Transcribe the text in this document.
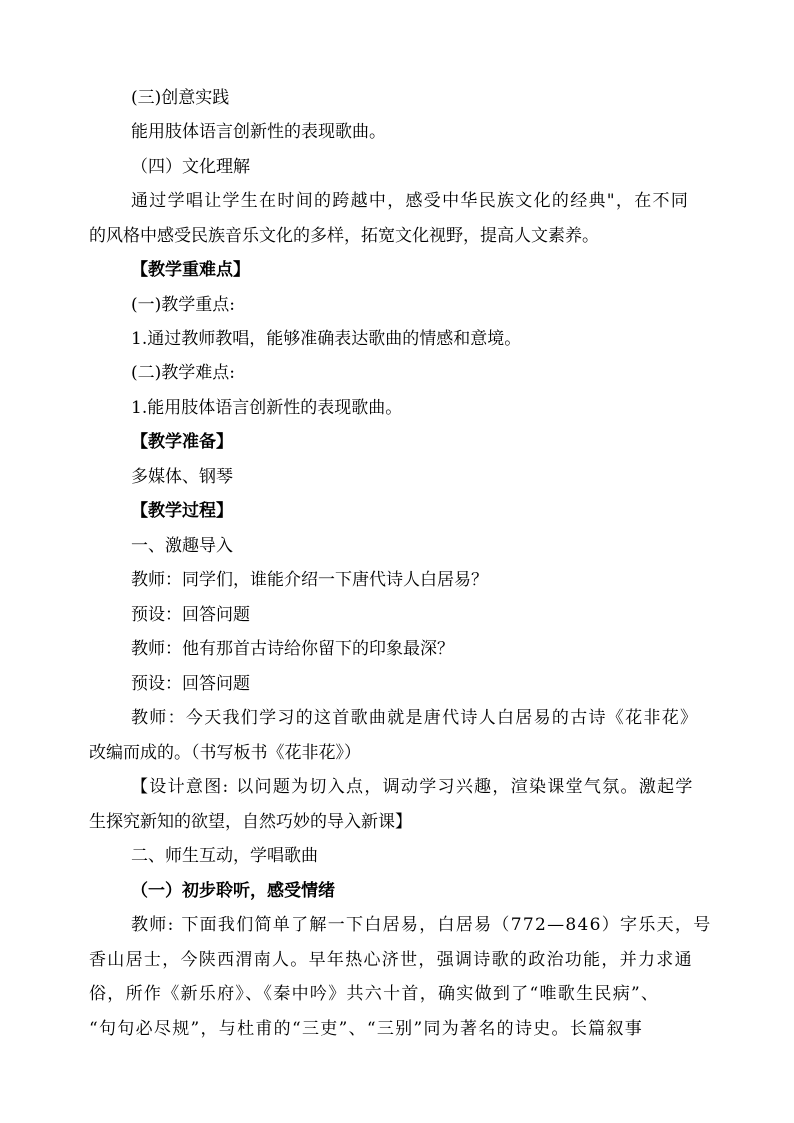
(三)创意实践
能用肢体语言创新性的表现歌曲。
（四）文化理解
通过学唱让学生在时间的跨越中，感受中华民族文化的经典"，在不同
的风格中感受民族音乐文化的多样，拓宽文化视野，提高人文素养。
【教学重难点】
(一)教学重点:
1.通过教师教唱，能够准确表达歌曲的情感和意境。
(二)教学难点:
1.能用肢体语言创新性的表现歌曲。
【教学准备】
多媒体、钢琴
【教学过程】
一、激趣导入
教师：同学们，谁能介绍一下唐代诗人白居易？
预设：回答问题
教师：他有那首古诗给你留下的印象最深？
预设：回答问题
教师：今天我们学习的这首歌曲就是唐代诗人白居易的古诗《花非花》
改编而成的。（书写板书《花非花》）
【设计意图: 以问题为切入点，调动学习兴趣，渲染课堂气氛。激起学
生探究新知的欲望，自然巧妙的导入新课】
二、师生互动，学唱歌曲
（一）初步聆听，感受情绪
教师: 下面我们简单了解一下白居易，白居易（772—846）字乐天，号
香山居士，今陕西渭南人。早年热心济世，强调诗歌的政治功能，并力求通
俗，所作《新乐府》、《秦中吟》共六十首，确实做到了“唯歌生民病”、
“句句必尽规”，与杜甫的“三吏”、“三别”同为著名的诗史。长篇叙事
